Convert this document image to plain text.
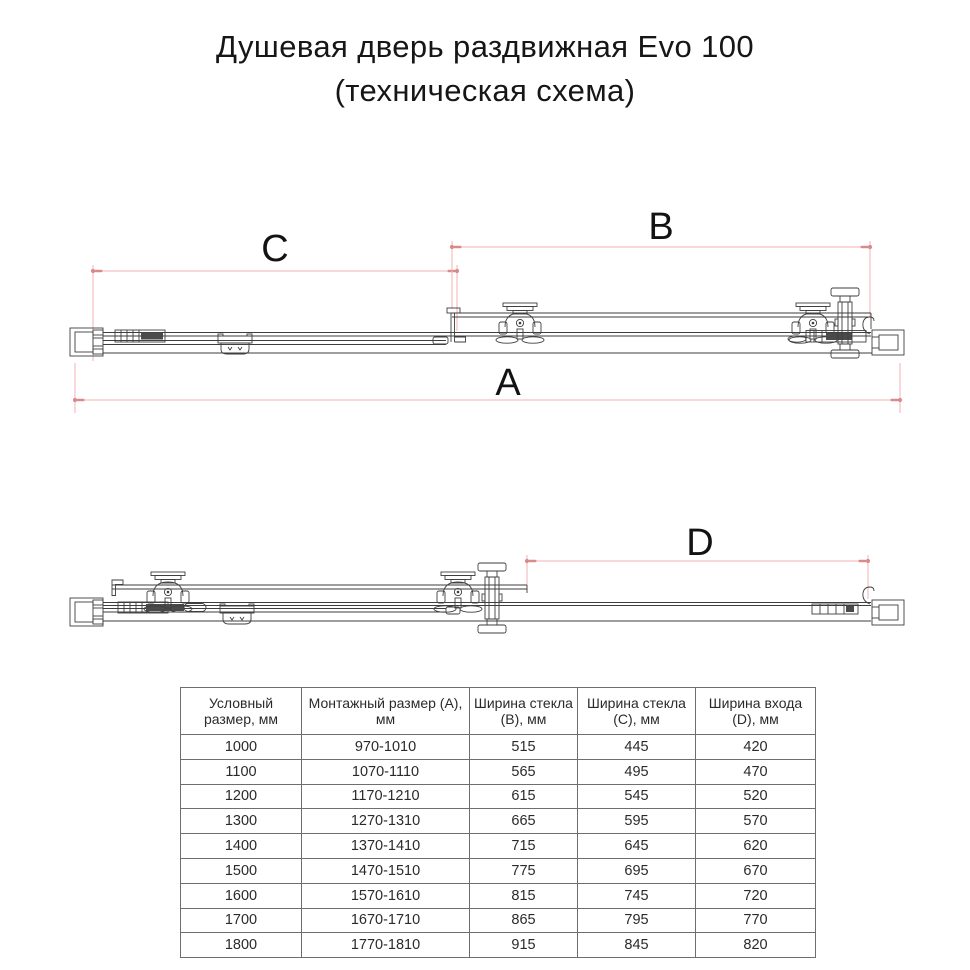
Душевая дверь раздвижная Evo 100
(техническая схема)
C
B
A
D
Условный размер, мм	Монтажный размер (A), мм	Ширина стекла (B), мм	Ширина стекла (C), мм	Ширина входа (D), мм
1000	970-1010	515	445	420
1100	1070-1110	565	495	470
1200	1170-1210	615	545	520
1300	1270-1310	665	595	570
1400	1370-1410	715	645	620
1500	1470-1510	775	695	670
1600	1570-1610	815	745	720
1700	1670-1710	865	795	770
1800	1770-1810	915	845	820
